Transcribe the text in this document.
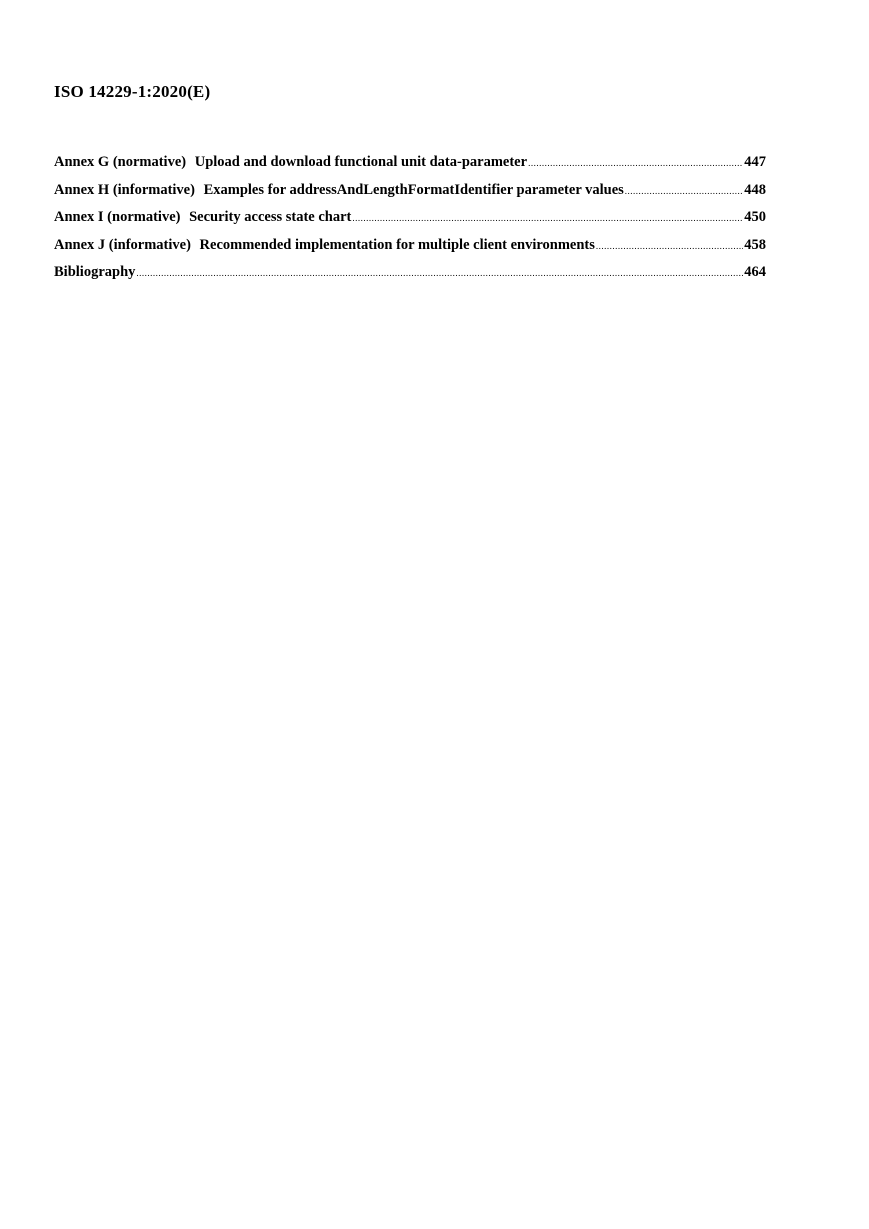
ISO 14229-1:2020(E)
Annex G (normative) Upload and download functional unit data-parameter .....	447
Annex H (informative) Examples for addressAndLengthFormatIdentifier parameter values .....	448
Annex I (normative) Security access state chart .....	450
Annex J (informative) Recommended implementation for multiple client environments .....	458
Bibliography .....	464
